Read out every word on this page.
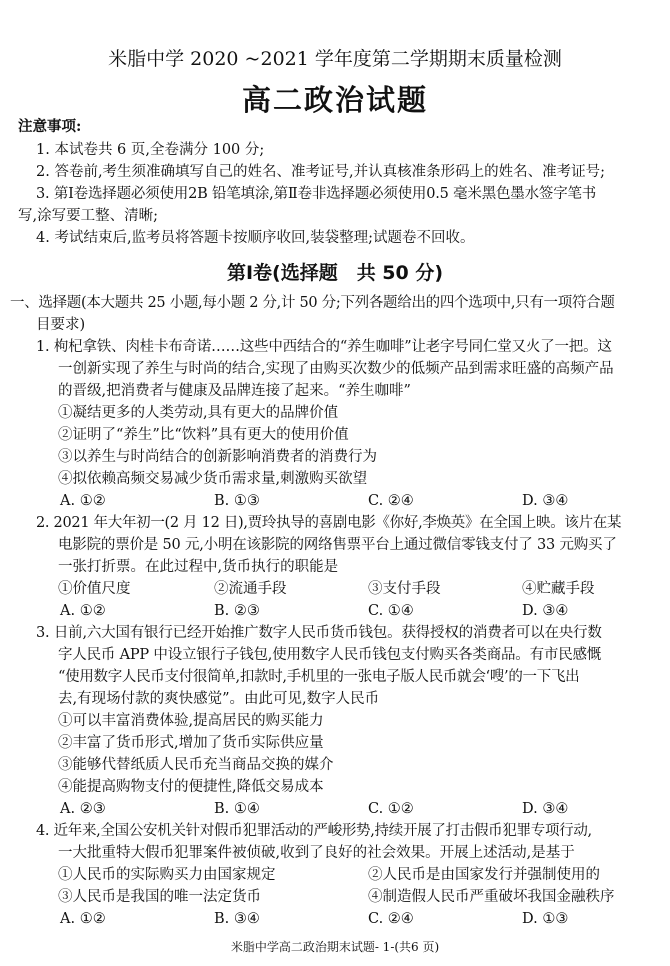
米脂中学 2020 ~2021 学年度第二学期期末质量检测
高二政治试题
注意事项:
1. 本试卷共 6 页,全卷满分 100 分;
2. 答卷前,考生须准确填写自己的姓名、准考证号,并认真核准条形码上的姓名、准考证号;
3. 第Ⅰ卷选择题必须使用2B 铅笔填涂,第Ⅱ卷非选择题必须使用0.5 毫米黑色墨水签字笔书
写,涂写要工整、清晰;
4. 考试结束后,监考员将答题卡按顺序收回,装袋整理;试题卷不回收。
第Ⅰ卷(选择题　共 50 分)
一、选择题(本大题共 25 小题,每小题 2 分,计 50 分;下列各题给出的四个选项中,只有一项符合题
目要求)
1. 枸杞拿铁、肉桂卡布奇诺……这些中西结合的“养生咖啡”让老字号同仁堂又火了一把。这
一创新实现了养生与时尚的结合,实现了由购买次数少的低频产品到需求旺盛的高频产品
的晋级,把消费者与健康及品牌连接了起来。“养生咖啡”
①凝结更多的人类劳动,具有更大的品牌价值
②证明了“养生”比“饮料”具有更大的使用价值
③以养生与时尚结合的创新影响消费者的消费行为
④拟依赖高频交易减少货币需求量,刺激购买欲望
A. ①②	B. ①③	C. ②④	D. ③④
2. 2021 年大年初一(2 月 12 日),贾玲执导的喜剧电影《你好,李焕英》在全国上映。该片在某
电影院的票价是 50 元,小明在该影院的网络售票平台上通过微信零钱支付了 33 元购买了
一张打折票。在此过程中,货币执行的职能是
①价值尺度	②流通手段	③支付手段	④贮藏手段
A. ①②	B. ②③	C. ①④	D. ③④
3. 日前,六大国有银行已经开始推广数字人民币货币钱包。获得授权的消费者可以在央行数
字人民币 APP 中设立银行子钱包,使用数字人民币钱包支付购买各类商品。有市民感慨
“使用数字人民币支付很简单,扣款时,手机里的一张电子版人民币就会‘嗖’的一下飞出
去,有现场付款的爽快感觉”。由此可见,数字人民币
①可以丰富消费体验,提高居民的购买能力
②丰富了货币形式,增加了货币实际供应量
③能够代替纸质人民币充当商品交换的媒介
④能提高购物支付的便捷性,降低交易成本
A. ②③	B. ①④	C. ①②	D. ③④
4. 近年来,全国公安机关针对假币犯罪活动的严峻形势,持续开展了打击假币犯罪专项行动,
一大批重特大假币犯罪案件被侦破,收到了良好的社会效果。开展上述活动,是基于
①人民币的实际购买力由国家规定	②人民币是由国家发行并强制使用的
③人民币是我国的唯一法定货币	④制造假人民币严重破坏我国金融秩序
A. ①②	B. ③④	C. ②④	D. ①③
米脂中学高二政治期末试题- 1-(共6 页)
